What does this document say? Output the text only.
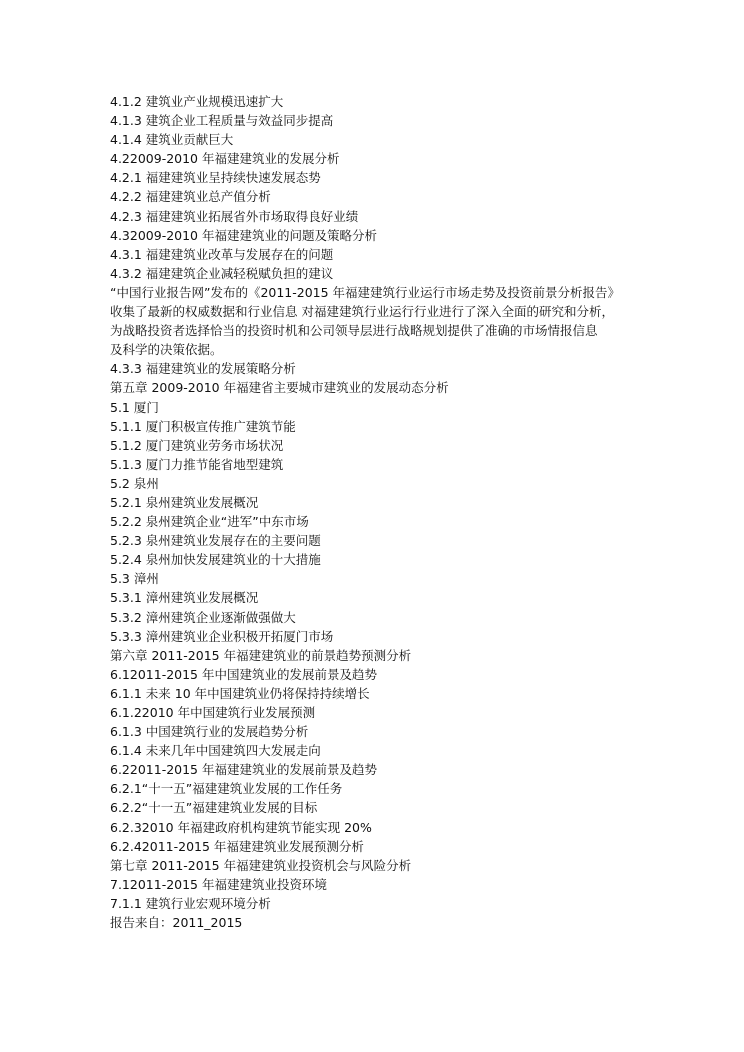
4.1.2 建筑业产业规模迅速扩大
4.1.3 建筑企业工程质量与效益同步提高
4.1.4 建筑业贡献巨大
4.22009-2010 年福建建筑业的发展分析
4.2.1 福建建筑业呈持续快速发展态势
4.2.2 福建建筑业总产值分析
4.2.3 福建建筑业拓展省外市场取得良好业绩
4.32009-2010 年福建建筑业的问题及策略分析
4.3.1 福建建筑业改革与发展存在的问题
4.3.2 福建建筑企业减轻税赋负担的建议
“中国行业报告网”发布的《2011-2015 年福建建筑行业运行市场走势及投资前景分析报告》
收集了最新的权威数据和行业信息 对福建建筑行业运行行业进行了深入全面的研究和分析，
为战略投资者选择恰当的投资时机和公司领导层进行战略规划提供了准确的市场情报信息
及科学的决策依据。
4.3.3 福建建筑业的发展策略分析
第五章 2009-2010 年福建省主要城市建筑业的发展动态分析
5.1 厦门
5.1.1 厦门积极宣传推广建筑节能
5.1.2 厦门建筑业劳务市场状况
5.1.3 厦门力推节能省地型建筑
5.2 泉州
5.2.1 泉州建筑业发展概况
5.2.2 泉州建筑企业“进军”中东市场
5.2.3 泉州建筑业发展存在的主要问题
5.2.4 泉州加快发展建筑业的十大措施
5.3 漳州
5.3.1 漳州建筑业发展概况
5.3.2 漳州建筑企业逐渐做强做大
5.3.3 漳州建筑业企业积极开拓厦门市场
第六章 2011-2015 年福建建筑业的前景趋势预测分析
6.12011-2015 年中国建筑业的发展前景及趋势
6.1.1 未来 10 年中国建筑业仍将保持持续增长
6.1.22010 年中国建筑行业发展预测
6.1.3 中国建筑行业的发展趋势分析
6.1.4 未来几年中国建筑四大发展走向
6.22011-2015 年福建建筑业的发展前景及趋势
6.2.1“十一五”福建建筑业发展的工作任务
6.2.2“十一五”福建建筑业发展的目标
6.2.32010 年福建政府机构建筑节能实现 20%
6.2.42011-2015 年福建建筑业发展预测分析
第七章 2011-2015 年福建建筑业投资机会与风险分析
7.12011-2015 年福建建筑业投资环境
7.1.1 建筑行业宏观环境分析
报告来自：2011_2015
